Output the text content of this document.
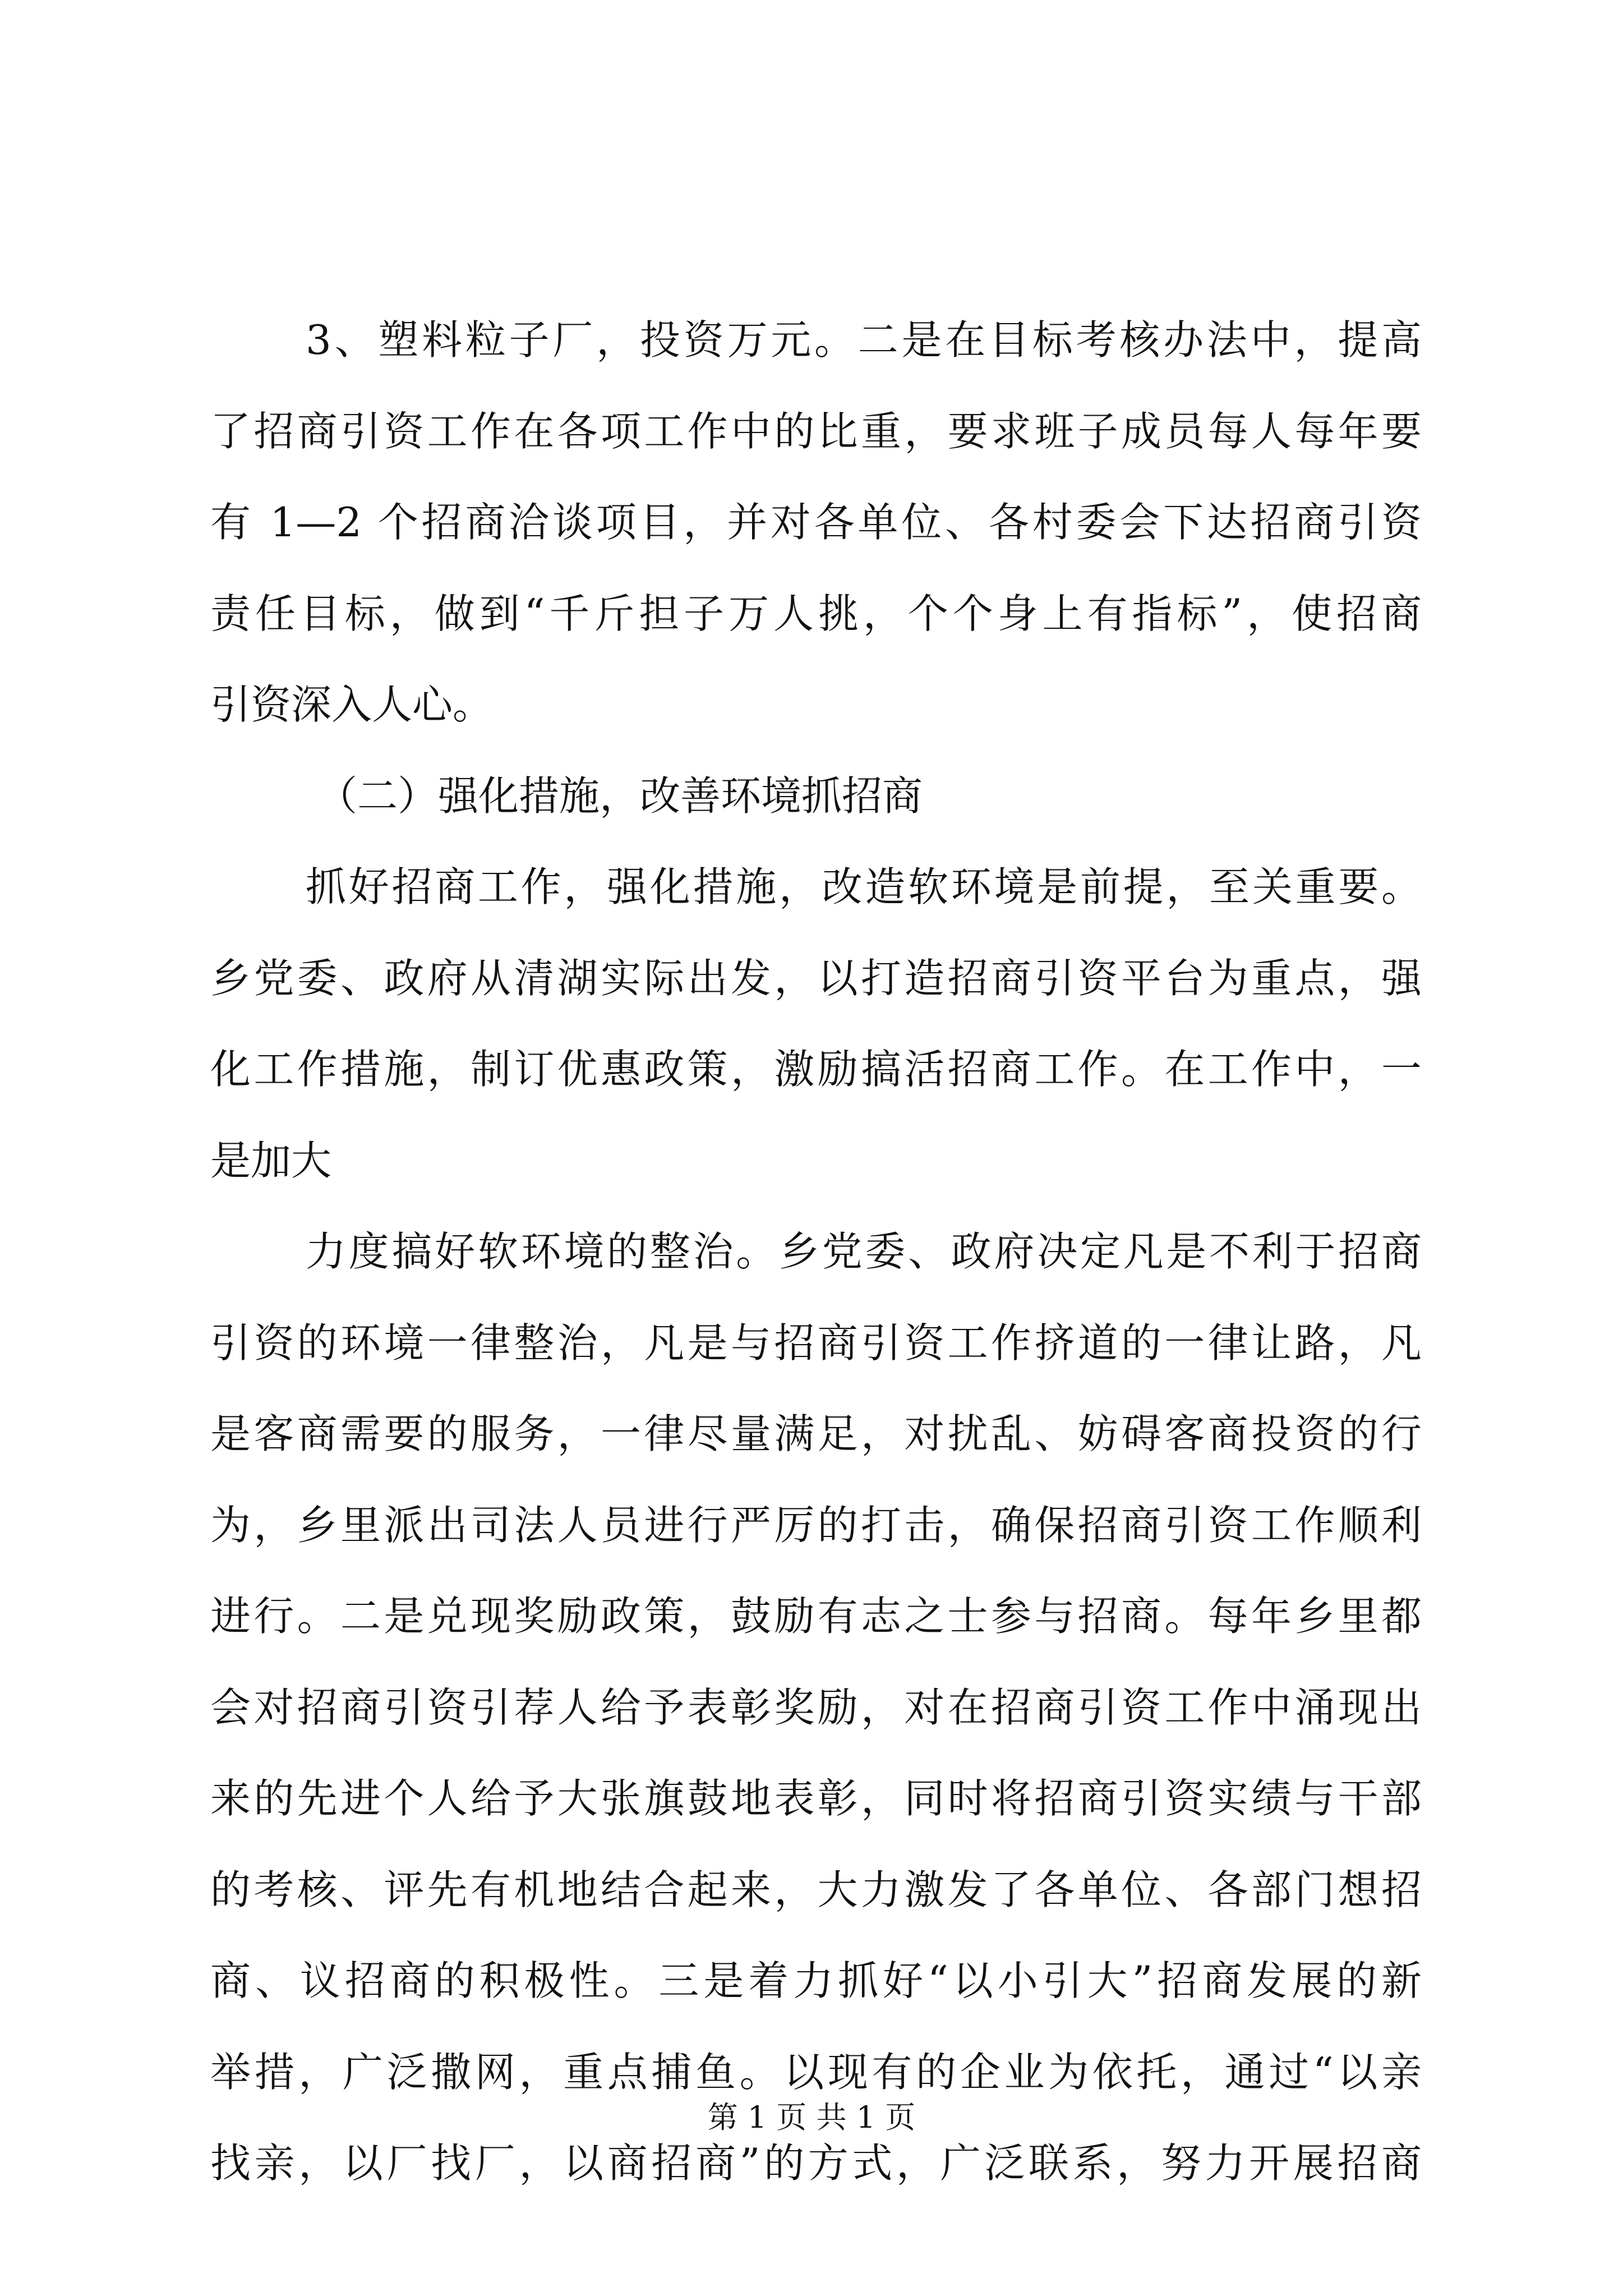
3、塑料粒子厂，投资万元。二是在目标考核办法中，提高
了招商引资工作在各项工作中的比重，要求班子成员每人每年要
有 1—2 个招商洽谈项目，并对各单位、各村委会下达招商引资
责任目标，做到“千斤担子万人挑，个个身上有指标”，使招商
引资深入人心。
（二）强化措施，改善环境抓招商
抓好招商工作，强化措施，改造软环境是前提，至关重要。
乡党委、政府从清湖实际出发，以打造招商引资平台为重点，强
化工作措施，制订优惠政策，激励搞活招商工作。在工作中，一
是加大
力度搞好软环境的整治。乡党委、政府决定凡是不利于招商
引资的环境一律整治，凡是与招商引资工作挤道的一律让路，凡
是客商需要的服务，一律尽量满足，对扰乱、妨碍客商投资的行
为，乡里派出司法人员进行严厉的打击，确保招商引资工作顺利
进行。二是兑现奖励政策，鼓励有志之士参与招商。每年乡里都
会对招商引资引荐人给予表彰奖励，对在招商引资工作中涌现出
来的先进个人给予大张旗鼓地表彰，同时将招商引资实绩与干部
的考核、评先有机地结合起来，大力激发了各单位、各部门想招
商、议招商的积极性。三是着力抓好“以小引大”招商发展的新
举措，广泛撒网，重点捕鱼。以现有的企业为依托，通过“以亲
找亲，以厂找厂，以商招商”的方式，广泛联系，努力开展招商
第 1 页 共 1 页
